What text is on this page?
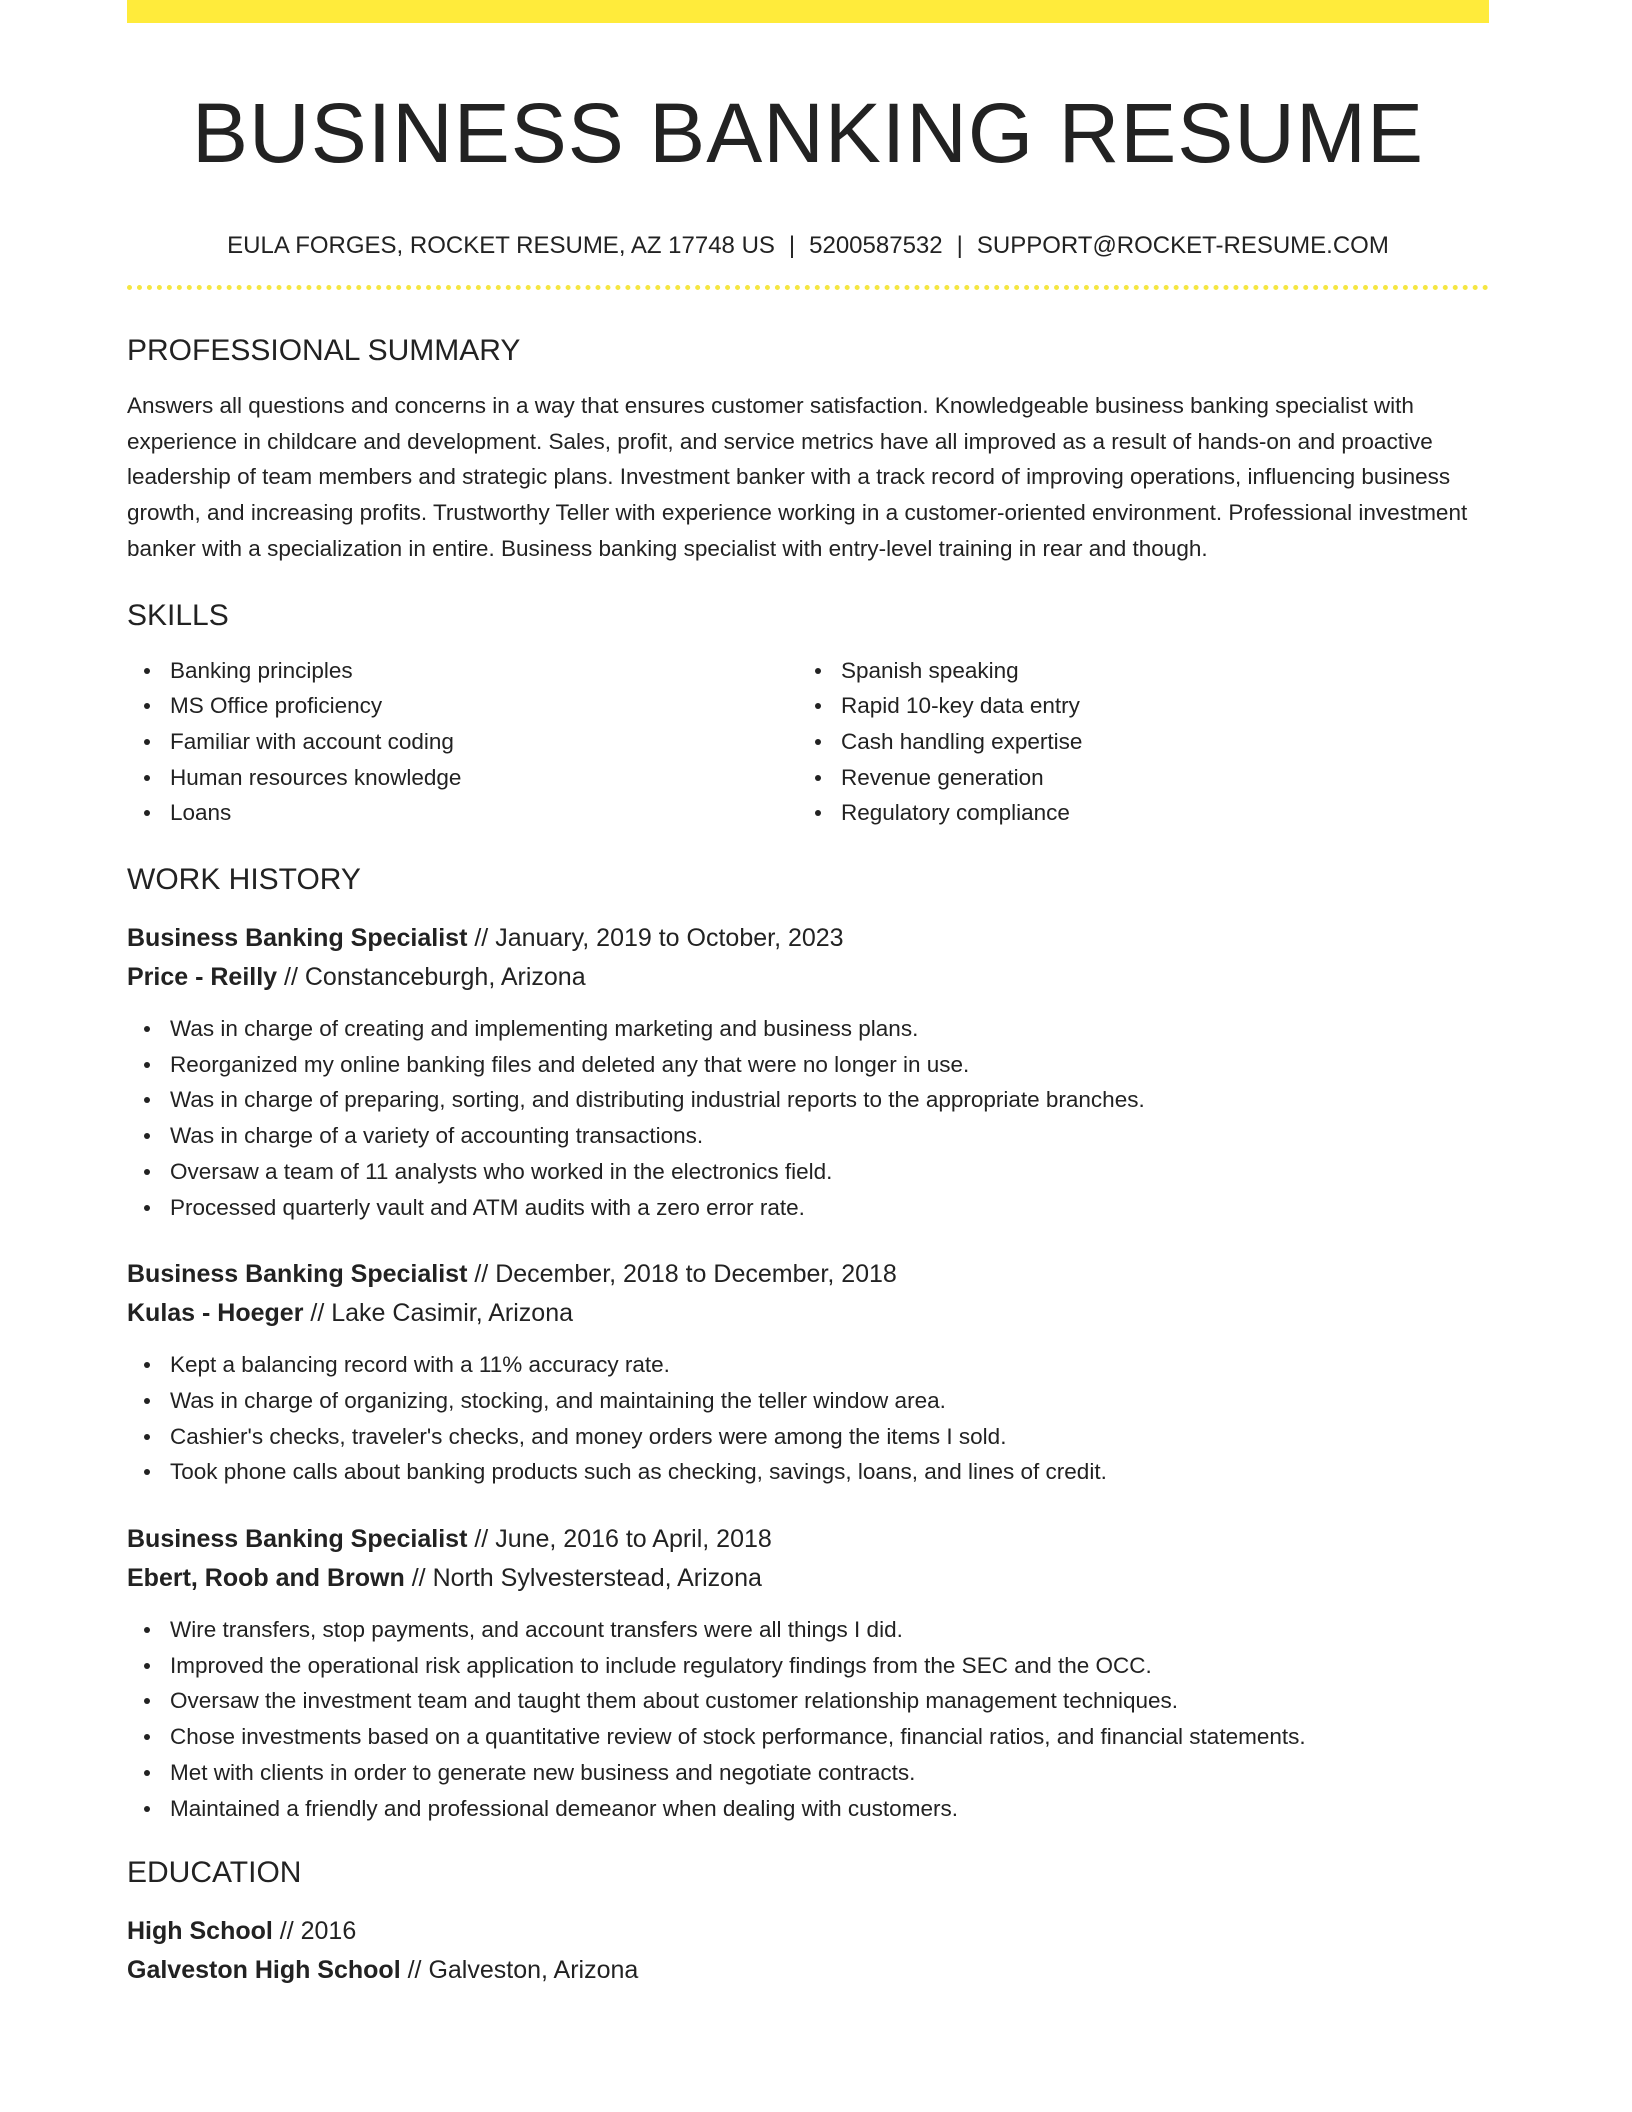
BUSINESS BANKING RESUME
EULA FORGES, ROCKET RESUME, AZ 17748 US | 5200587532 | SUPPORT@ROCKET-RESUME.COM
PROFESSIONAL SUMMARY
Answers all questions and concerns in a way that ensures customer satisfaction. Knowledgeable business banking specialist with experience in childcare and development. Sales, profit, and service metrics have all improved as a result of hands-on and proactive leadership of team members and strategic plans. Investment banker with a track record of improving operations, influencing business growth, and increasing profits. Trustworthy Teller with experience working in a customer-oriented environment. Professional investment banker with a specialization in entire. Business banking specialist with entry-level training in rear and though.
SKILLS
Banking principles
MS Office proficiency
Familiar with account coding
Human resources knowledge
Loans
Spanish speaking
Rapid 10-key data entry
Cash handling expertise
Revenue generation
Regulatory compliance
WORK HISTORY
Business Banking Specialist // January, 2019 to October, 2023
Price - Reilly // Constanceburgh, Arizona
Was in charge of creating and implementing marketing and business plans.
Reorganized my online banking files and deleted any that were no longer in use.
Was in charge of preparing, sorting, and distributing industrial reports to the appropriate branches.
Was in charge of a variety of accounting transactions.
Oversaw a team of 11 analysts who worked in the electronics field.
Processed quarterly vault and ATM audits with a zero error rate.
Business Banking Specialist // December, 2018 to December, 2018
Kulas - Hoeger // Lake Casimir, Arizona
Kept a balancing record with a 11% accuracy rate.
Was in charge of organizing, stocking, and maintaining the teller window area.
Cashier's checks, traveler's checks, and money orders were among the items I sold.
Took phone calls about banking products such as checking, savings, loans, and lines of credit.
Business Banking Specialist // June, 2016 to April, 2018
Ebert, Roob and Brown // North Sylvesterstead, Arizona
Wire transfers, stop payments, and account transfers were all things I did.
Improved the operational risk application to include regulatory findings from the SEC and the OCC.
Oversaw the investment team and taught them about customer relationship management techniques.
Chose investments based on a quantitative review of stock performance, financial ratios, and financial statements.
Met with clients in order to generate new business and negotiate contracts.
Maintained a friendly and professional demeanor when dealing with customers.
EDUCATION
High School // 2016
Galveston High School // Galveston, Arizona
